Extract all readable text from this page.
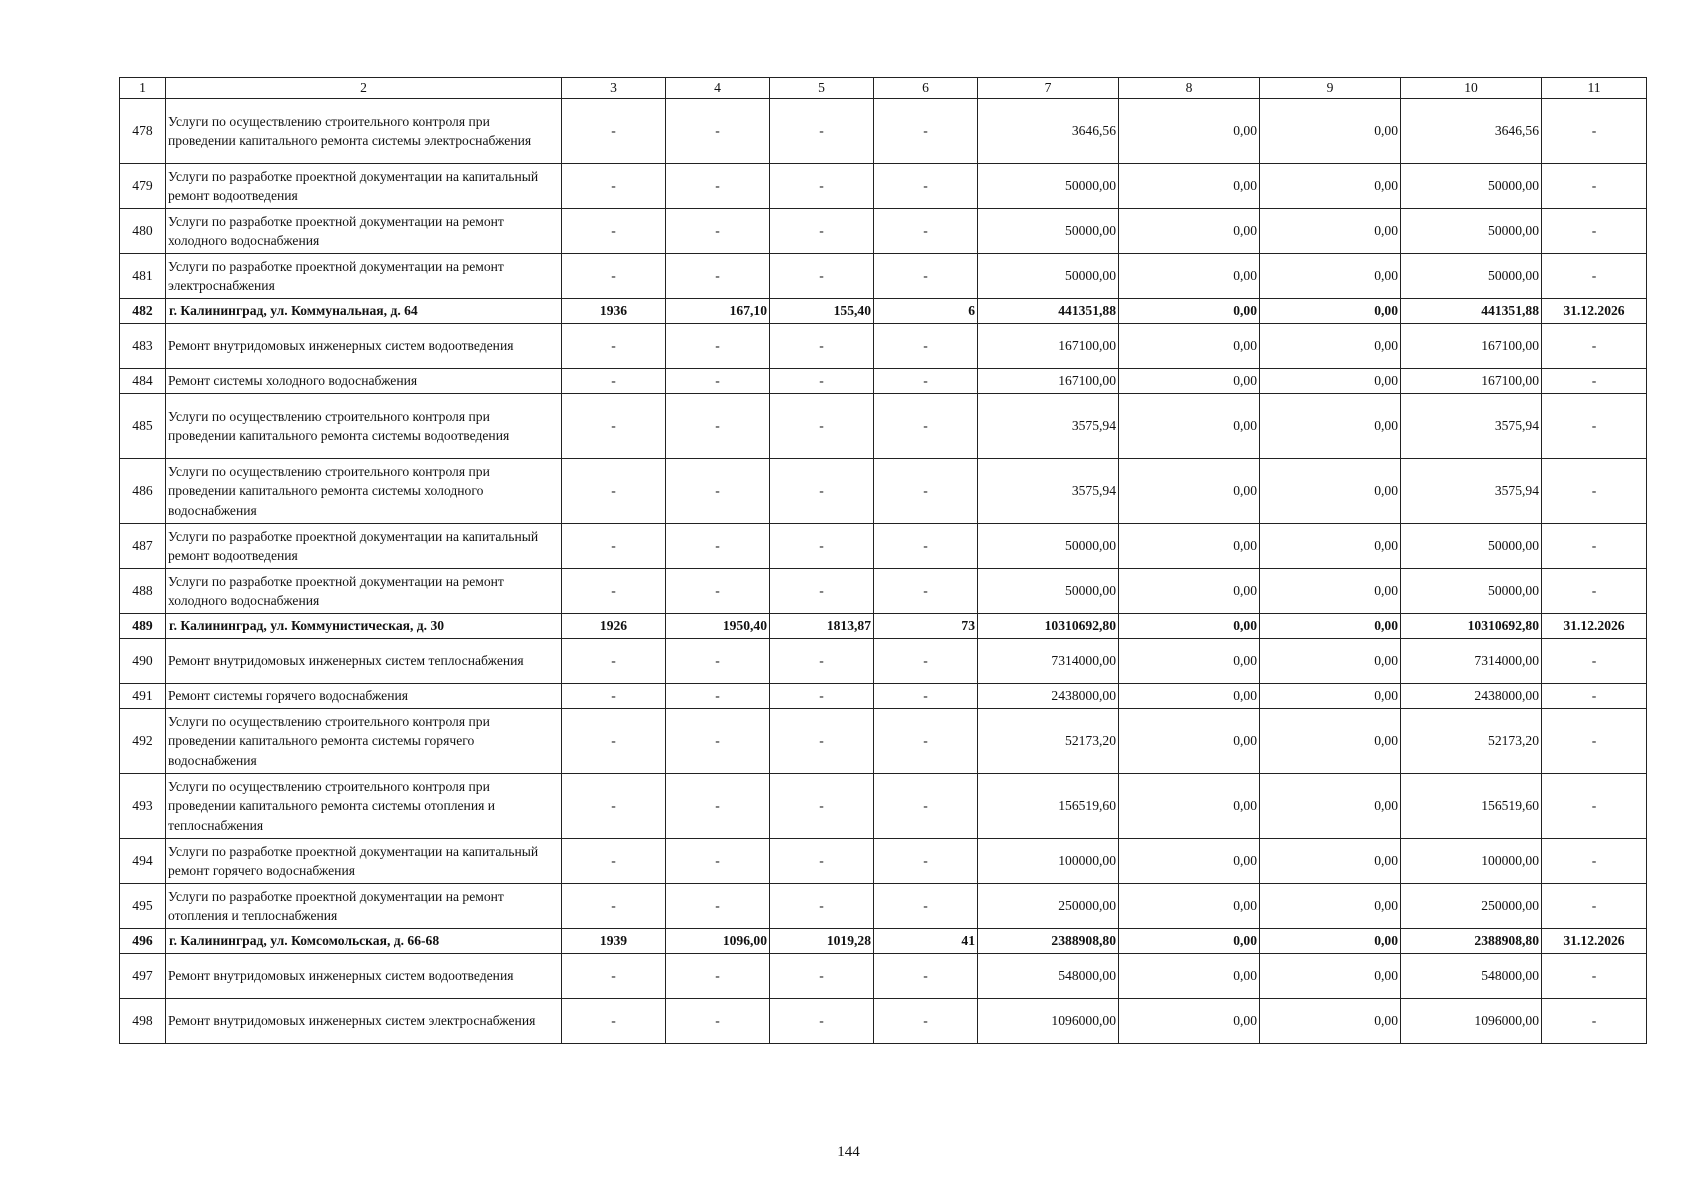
1	2	3	4	5	6	7	8	9	10	11
478	Услуги по осуществлению строительного контроля при проведении капитального ремонта системы электроснабжения	-	-	-	-	3646,56	0,00	0,00	3646,56	-
479	Услуги по разработке проектной документации на капитальный ремонт водоотведения	-	-	-	-	50000,00	0,00	0,00	50000,00	-
480	Услуги по разработке проектной документации на ремонт холодного водоснабжения	-	-	-	-	50000,00	0,00	0,00	50000,00	-
481	Услуги по разработке проектной документации на ремонт электроснабжения	-	-	-	-	50000,00	0,00	0,00	50000,00	-
482	г. Калининград, ул. Коммунальная, д. 64	1936	167,10	155,40	6	441351,88	0,00	0,00	441351,88	31.12.2026
483	Ремонт внутридомовых инженерных систем водоотведения	-	-	-	-	167100,00	0,00	0,00	167100,00	-
484	Ремонт системы холодного водоснабжения	-	-	-	-	167100,00	0,00	0,00	167100,00	-
485	Услуги по осуществлению строительного контроля при проведении капитального ремонта системы водоотведения	-	-	-	-	3575,94	0,00	0,00	3575,94	-
486	Услуги по осуществлению строительного контроля при проведении капитального ремонта системы холодного водоснабжения	-	-	-	-	3575,94	0,00	0,00	3575,94	-
487	Услуги по разработке проектной документации на капитальный ремонт водоотведения	-	-	-	-	50000,00	0,00	0,00	50000,00	-
488	Услуги по разработке проектной документации на ремонт холодного водоснабжения	-	-	-	-	50000,00	0,00	0,00	50000,00	-
489	г. Калининград, ул. Коммунистическая, д. 30	1926	1950,40	1813,87	73	10310692,80	0,00	0,00	10310692,80	31.12.2026
490	Ремонт внутридомовых инженерных систем теплоснабжения	-	-	-	-	7314000,00	0,00	0,00	7314000,00	-
491	Ремонт системы горячего водоснабжения	-	-	-	-	2438000,00	0,00	0,00	2438000,00	-
492	Услуги по осуществлению строительного контроля при проведении капитального ремонта системы горячего водоснабжения	-	-	-	-	52173,20	0,00	0,00	52173,20	-
493	Услуги по осуществлению строительного контроля при проведении капитального ремонта системы отопления и теплоснабжения	-	-	-	-	156519,60	0,00	0,00	156519,60	-
494	Услуги по разработке проектной документации на капитальный ремонт горячего водоснабжения	-	-	-	-	100000,00	0,00	0,00	100000,00	-
495	Услуги по разработке проектной документации на ремонт отопления и теплоснабжения	-	-	-	-	250000,00	0,00	0,00	250000,00	-
496	г. Калининград, ул. Комсомольская, д. 66-68	1939	1096,00	1019,28	41	2388908,80	0,00	0,00	2388908,80	31.12.2026
497	Ремонт внутридомовых инженерных систем водоотведения	-	-	-	-	548000,00	0,00	0,00	548000,00	-
498	Ремонт внутридомовых инженерных систем электроснабжения	-	-	-	-	1096000,00	0,00	0,00	1096000,00	-
144
